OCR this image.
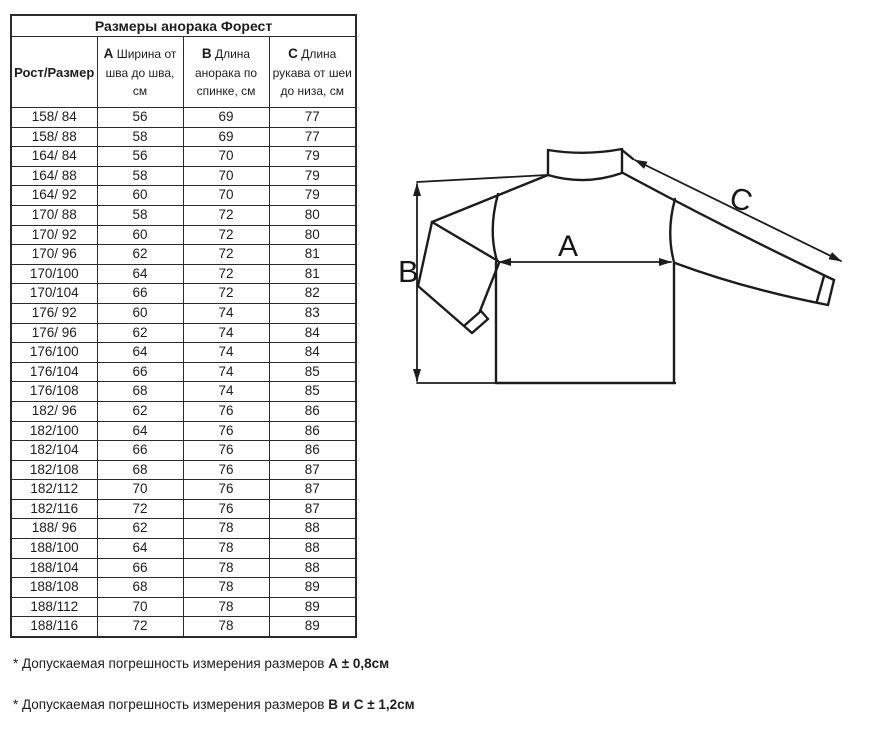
Размеры анорака Форест			
Рост/Размер	A Ширина от шва до шва, см	B Длина анорака по спинке, см	C Длина рукава от шеи до низа, см
158/ 84	56	69	77
158/ 88	58	69	77
164/ 84	56	70	79
164/ 88	58	70	79
164/ 92	60	70	79
170/ 88	58	72	80
170/ 92	60	72	80
170/ 96	62	72	81
170/100	64	72	81
170/104	66	72	82
176/ 92	60	74	83
176/ 96	62	74	84
176/100	64	74	84
176/104	66	74	85
176/108	68	74	85
182/ 96	62	76	86
182/100	64	76	86
182/104	66	76	86
182/108	68	76	87
182/112	70	76	87
182/116	72	76	87
188/ 96	62	78	88
188/100	64	78	88
188/104	66	78	88
188/108	68	78	89
188/112	70	78	89
188/116	72	78	89
A
B
C
* Допускаемая погрешность измерения размеров А ± 0,8см
* Допускаемая погрешность измерения размеров В и С ± 1,2см
